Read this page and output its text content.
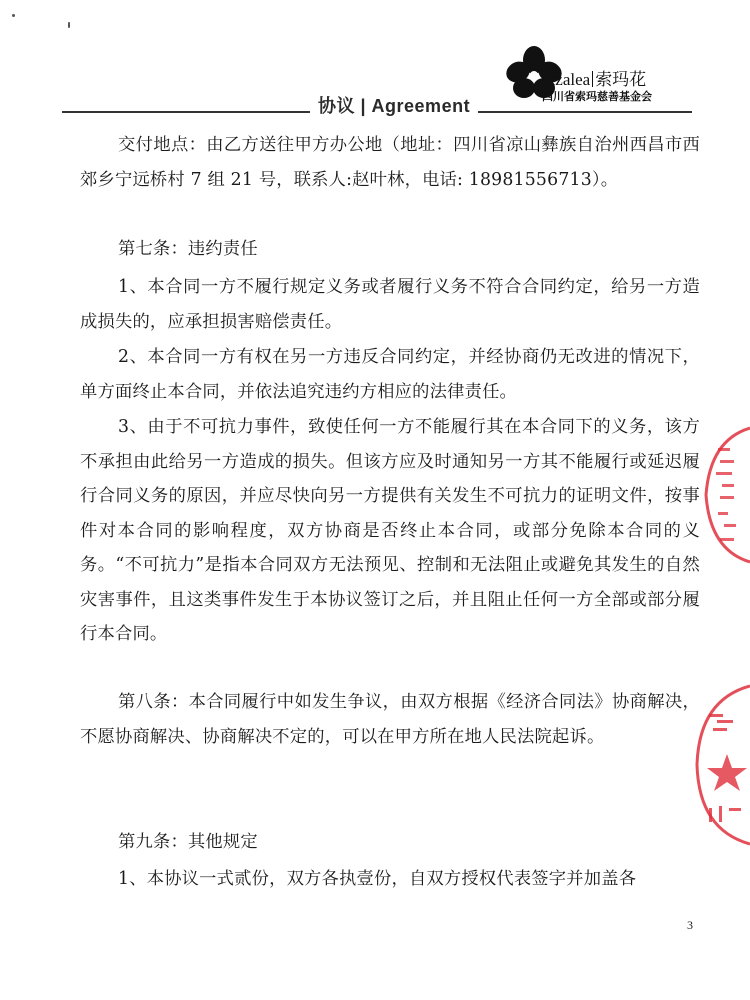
Azalea 索玛花
四川省索玛慈善基金会
协议 | Agreement

交付地点：由乙方送往甲方办公地（地址：四川省凉山彝族自治州西昌市西郊乡宁远桥村 7 组 21 号，联系人:赵叶林，电话: 18981556713）。

第七条：违约责任

1、本合同一方不履行规定义务或者履行义务不符合合同约定，给另一方造成损失的，应承担损害赔偿责任。

2、本合同一方有权在另一方违反合同约定，并经协商仍无改进的情况下，单方面终止本合同，并依法追究违约方相应的法律责任。

3、由于不可抗力事件，致使任何一方不能履行其在本合同下的义务，该方不承担由此给另一方造成的损失。但该方应及时通知另一方其不能履行或延迟履行合同义务的原因，并应尽快向另一方提供有关发生不可抗力的证明文件，按事件对本合同的影响程度，双方协商是否终止本合同，或部分免除本合同的义务。“不可抗力”是指本合同双方无法预见、控制和无法阻止或避免其发生的自然灾害事件，且这类事件发生于本协议签订之后，并且阻止任何一方全部或部分履行本合同。

第八条：本合同履行中如发生争议，由双方根据《经济合同法》协商解决，不愿协商解决、协商解决不定的，可以在甲方所在地人民法院起诉。

第九条：其他规定

1、本协议一式贰份，双方各执壹份，自双方授权代表签字并加盖各

3
